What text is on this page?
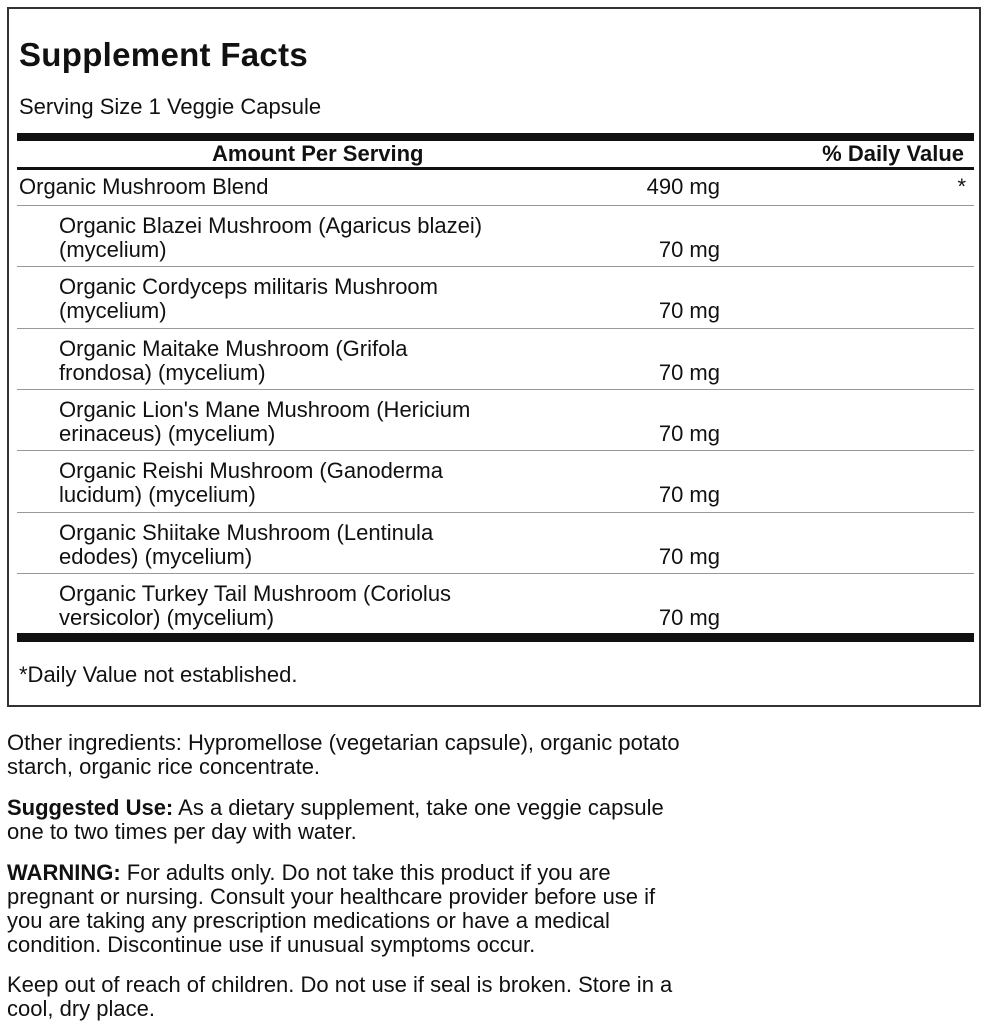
Supplement Facts
Serving Size 1 Veggie Capsule
Amount Per Serving	% Daily Value
Organic Mushroom Blend	490 mg	*
Organic Blazei Mushroom (Agaricus blazei)
(mycelium)	70 mg
Organic Cordyceps militaris Mushroom
(mycelium)	70 mg
Organic Maitake Mushroom (Grifola
frondosa) (mycelium)	70 mg
Organic Lion's Mane Mushroom (Hericium
erinaceus) (mycelium)	70 mg
Organic Reishi Mushroom (Ganoderma
lucidum) (mycelium)	70 mg
Organic Shiitake Mushroom (Lentinula
edodes) (mycelium)	70 mg
Organic Turkey Tail Mushroom (Coriolus
versicolor) (mycelium)	70 mg
*Daily Value not established.
Other ingredients: Hypromellose (vegetarian capsule), organic potato
starch, organic rice concentrate.
Suggested Use: As a dietary supplement, take one veggie capsule
one to two times per day with water.
WARNING: For adults only. Do not take this product if you are
pregnant or nursing. Consult your healthcare provider before use if
you are taking any prescription medications or have a medical
condition. Discontinue use if unusual symptoms occur.
Keep out of reach of children. Do not use if seal is broken. Store in a
cool, dry place.
